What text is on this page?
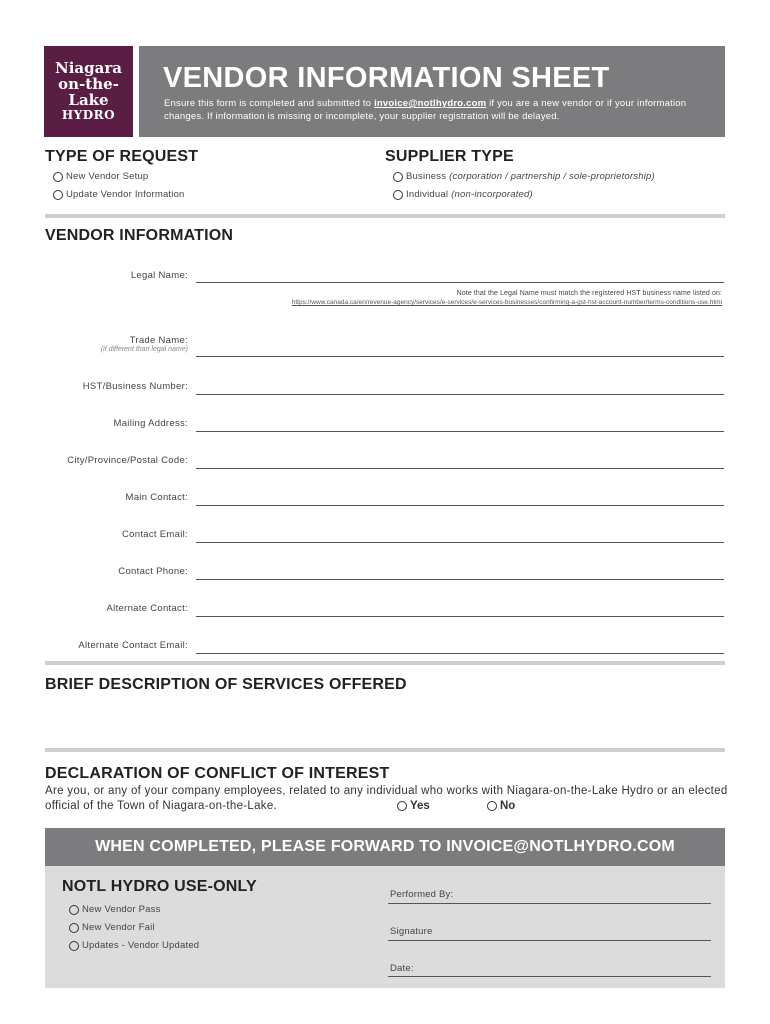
Niagara
on-the-Lake
HYDRO
VENDOR INFORMATION SHEET

Ensure this form is completed and submitted to invoice@notlhydro.com if you are a new vendor or if your information changes. If information is missing or incomplete, your supplier registration will be delayed.

TYPE OF REQUEST
New Vendor Setup
Update Vendor Information
SUPPLIER TYPE
Business (corporation / partnership / sole-proprietorship)
Individual (non-incorporated)
VENDOR INFORMATION
Legal Name:
Note that the Legal Name must match the registered HST business name listed on:
https://www.canada.ca/en/revenue-agency/services/e-services/e-services-businesses/confirming-a-gst-hst-account-number/terms-conditions-use.html
Trade Name:
(if different than legal name)
HST/Business Number:
Mailing Address:
City/Province/Postal Code:
Main Contact:
Contact Email:
Contact Phone:
Alternate Contact:
Alternate Contact Email:
BRIEF DESCRIPTION OF SERVICES OFFERED
DECLARATION OF CONFLICT OF INTEREST
Are you, or any of your company employees, related to any individual who works with Niagara-on-the-Lake Hydro or an elected official of the Town of Niagara-on-the-Lake.	Yes	No
WHEN COMPLETED, PLEASE FORWARD TO INVOICE@NOTLHYDRO.COM
NOTL HYDRO USE-ONLY
New Vendor Pass
New Vendor Fail
Updates - Vendor Updated
Performed By:
Signature
Date:
